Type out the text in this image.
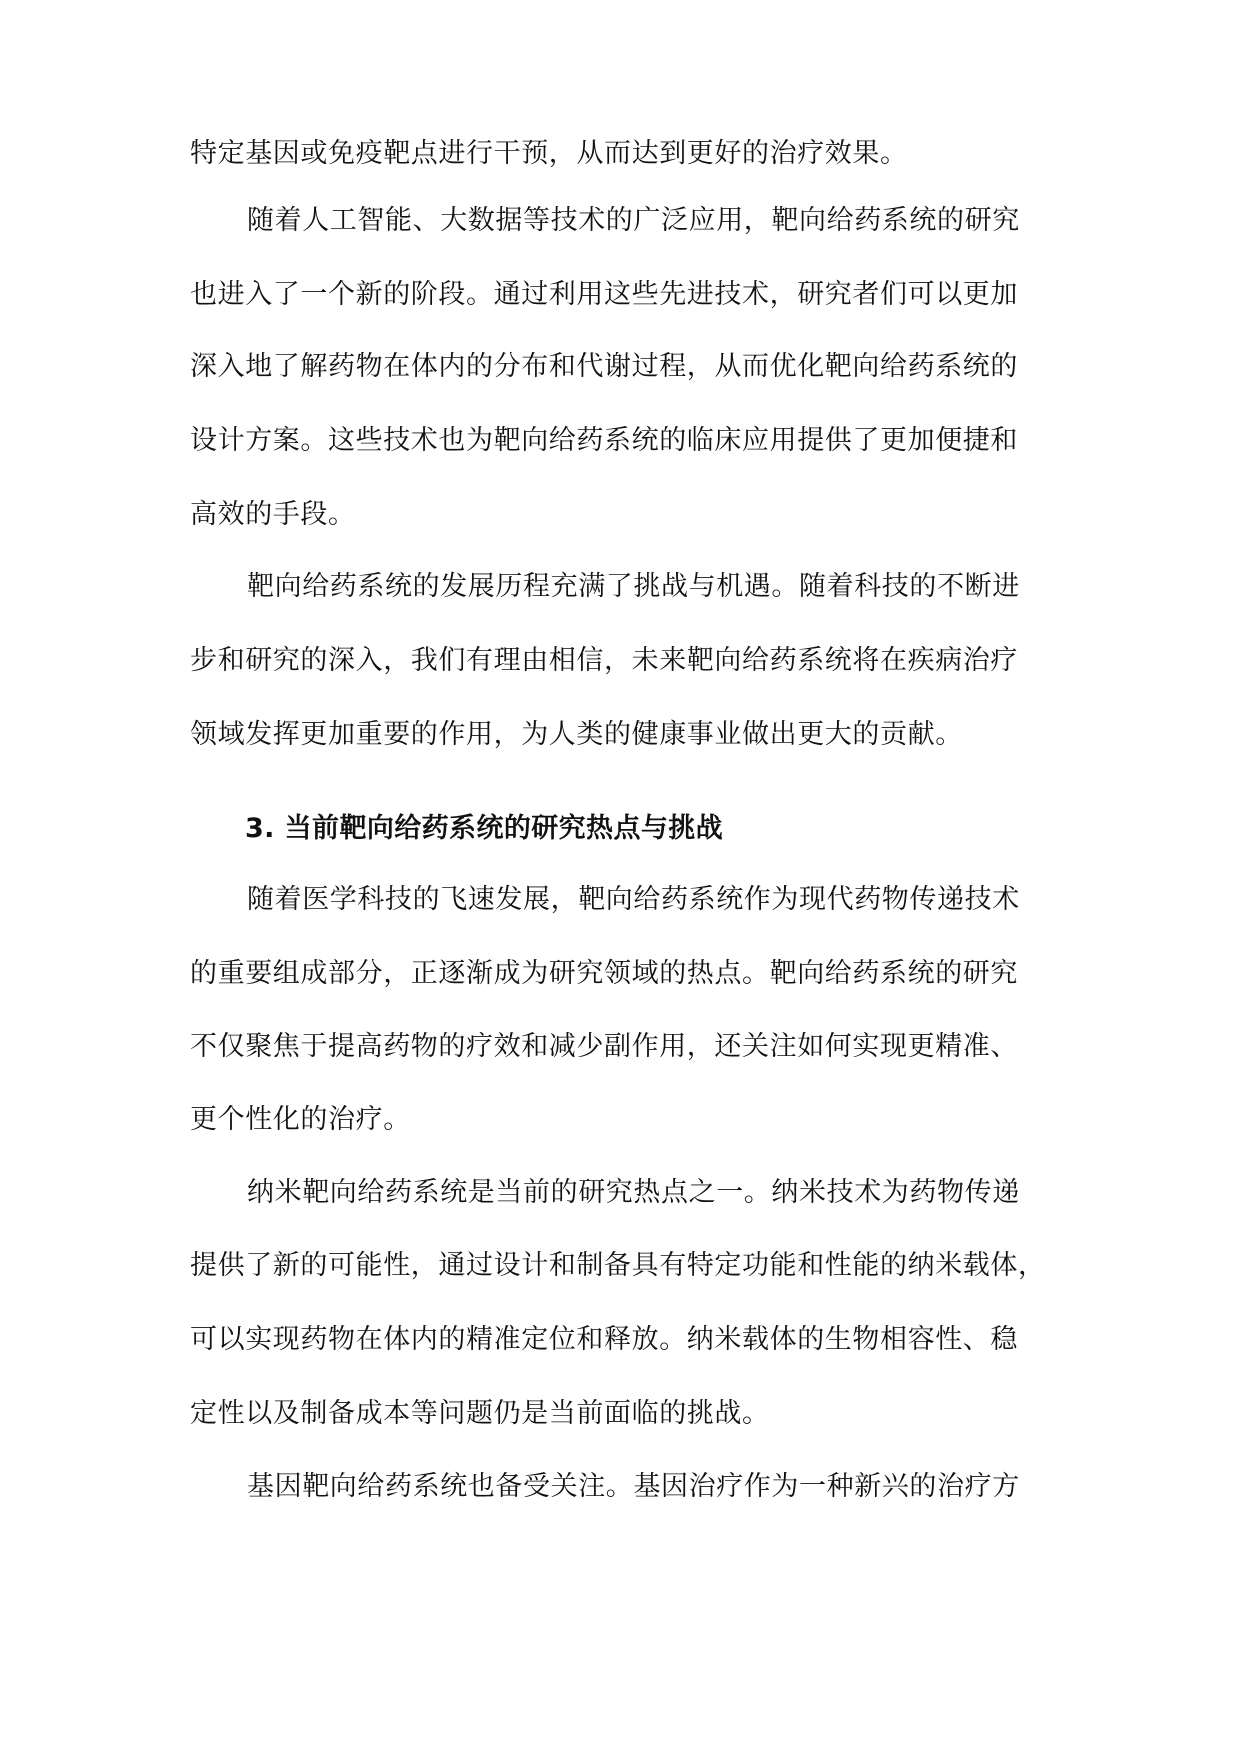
特定基因或免疫靶点进行干预，从而达到更好的治疗效果。
随着人工智能、大数据等技术的广泛应用，靶向给药系统的研究
也进入了一个新的阶段。通过利用这些先进技术，研究者们可以更加
深入地了解药物在体内的分布和代谢过程，从而优化靶向给药系统的
设计方案。这些技术也为靶向给药系统的临床应用提供了更加便捷和
高效的手段。
靶向给药系统的发展历程充满了挑战与机遇。随着科技的不断进
步和研究的深入，我们有理由相信，未来靶向给药系统将在疾病治疗
领域发挥更加重要的作用，为人类的健康事业做出更大的贡献。
3. 当前靶向给药系统的研究热点与挑战
随着医学科技的飞速发展，靶向给药系统作为现代药物传递技术
的重要组成部分，正逐渐成为研究领域的热点。靶向给药系统的研究
不仅聚焦于提高药物的疗效和减少副作用，还关注如何实现更精准、
更个性化的治疗。
纳米靶向给药系统是当前的研究热点之一。纳米技术为药物传递
提供了新的可能性，通过设计和制备具有特定功能和性能的纳米载体，
可以实现药物在体内的精准定位和释放。纳米载体的生物相容性、稳
定性以及制备成本等问题仍是当前面临的挑战。
基因靶向给药系统也备受关注。基因治疗作为一种新兴的治疗方
